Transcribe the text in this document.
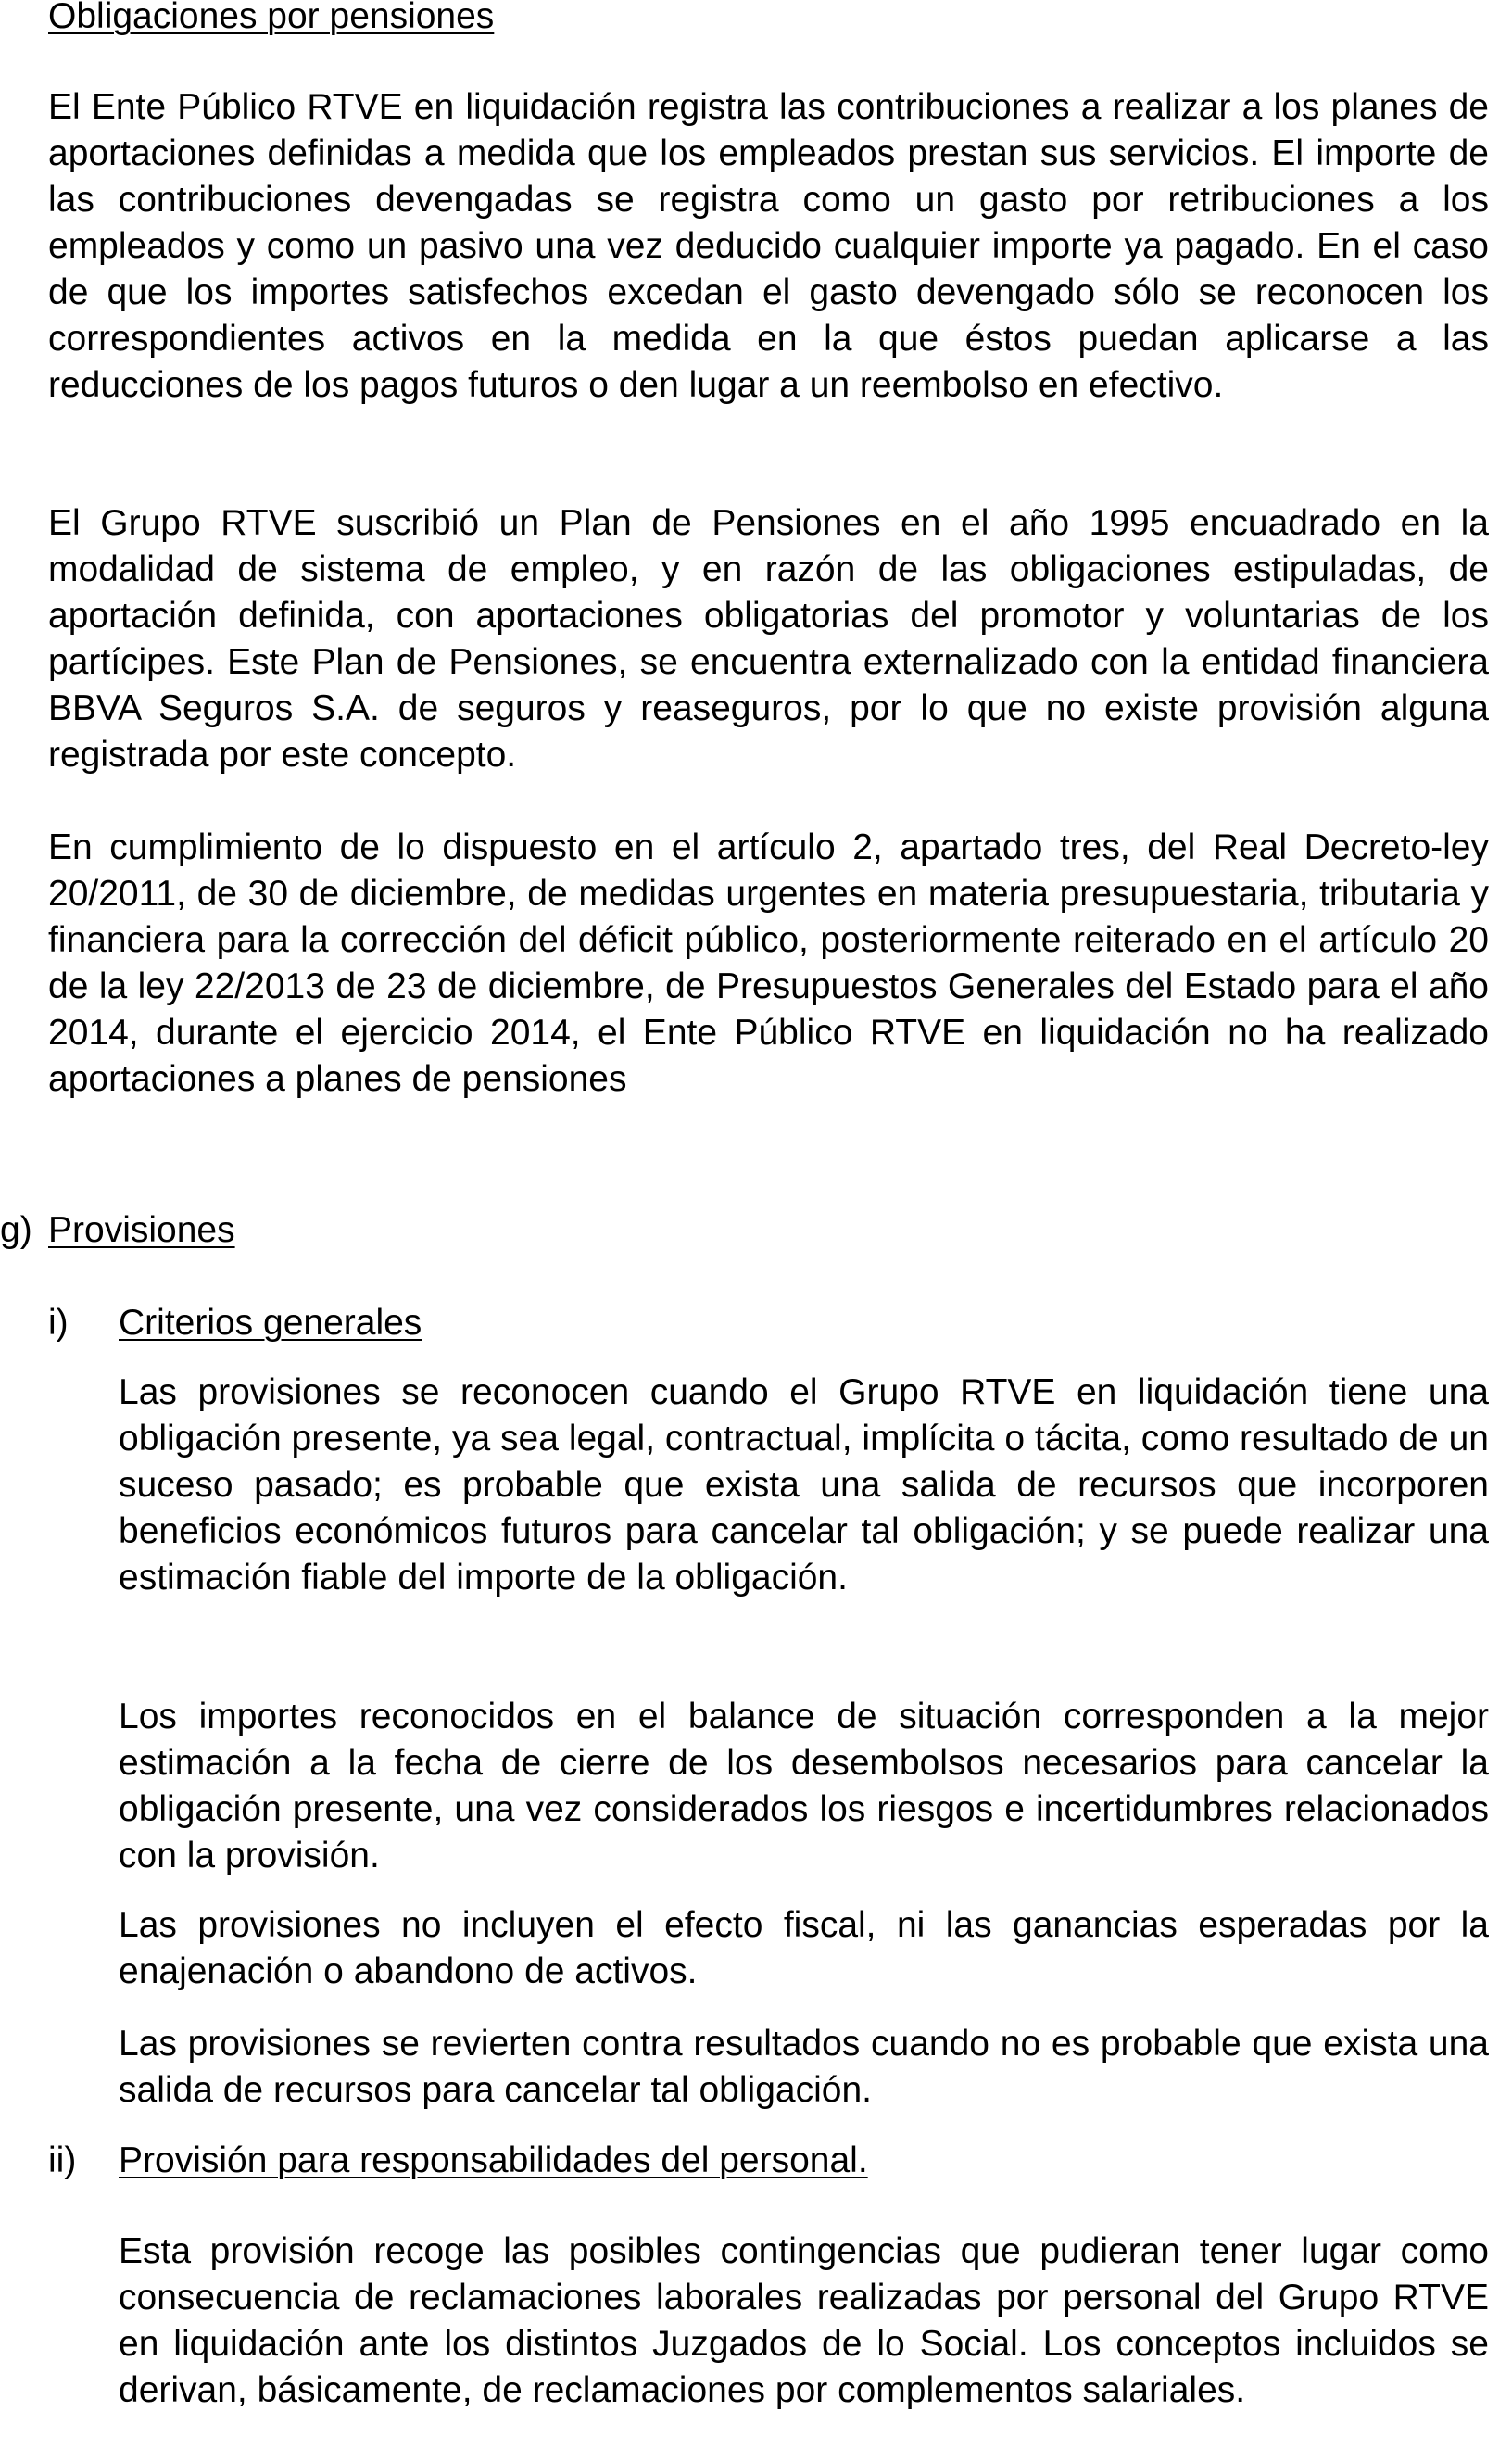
Obligaciones por pensiones

El Ente Público RTVE en liquidación registra las contribuciones a realizar a los planes de aportaciones definidas a medida que los empleados prestan sus servicios. El importe de las contribuciones devengadas se registra como un gasto por retribuciones a los empleados y como un pasivo una vez deducido cualquier importe ya pagado. En el caso de que los importes satisfechos excedan el gasto devengado sólo se reconocen los correspondientes activos en la medida en la que éstos puedan aplicarse a las reducciones de los pagos futuros o den lugar a un reembolso en efectivo.

El Grupo RTVE suscribió un Plan de Pensiones en el año 1995 encuadrado en la modalidad de sistema de empleo, y en razón de las obligaciones estipuladas, de aportación definida, con aportaciones obligatorias del promotor y voluntarias de los partícipes. Este Plan de Pensiones, se encuentra externalizado con la entidad financiera BBVA Seguros S.A. de seguros y reaseguros, por lo que no existe provisión alguna registrada por este concepto.

En cumplimiento de lo dispuesto en el artículo 2, apartado tres, del Real Decreto-ley 20/2011, de 30 de diciembre, de medidas urgentes en materia presupuestaria, tributaria y financiera para la corrección del déficit público, posteriormente reiterado en el artículo 20 de la ley 22/2013 de 23 de diciembre, de Presupuestos Generales del Estado para el año 2014, durante el ejercicio 2014, el Ente Público RTVE en liquidación no ha realizado aportaciones a planes de pensiones

g) Provisiones
i) Criterios generales

Las provisiones se reconocen cuando el Grupo RTVE en liquidación tiene una obligación presente, ya sea legal, contractual, implícita o tácita, como resultado de un suceso pasado; es probable que exista una salida de recursos que incorporen beneficios económicos futuros para cancelar tal obligación; y se puede realizar una estimación fiable del importe de la obligación.

Los importes reconocidos en el balance de situación corresponden a la mejor estimación a la fecha de cierre de los desembolsos necesarios para cancelar la obligación presente, una vez considerados los riesgos e incertidumbres relacionados con la provisión.

Las provisiones no incluyen el efecto fiscal, ni las ganancias esperadas por la enajenación o abandono de activos.

Las provisiones se revierten contra resultados cuando no es probable que exista una salida de recursos para cancelar tal obligación.

ii) Provisión para responsabilidades del personal.

Esta provisión recoge las posibles contingencias que pudieran tener lugar como consecuencia de reclamaciones laborales realizadas por personal del Grupo RTVE en liquidación ante los distintos Juzgados de lo Social. Los conceptos incluidos se derivan, básicamente, de reclamaciones por complementos salariales.
